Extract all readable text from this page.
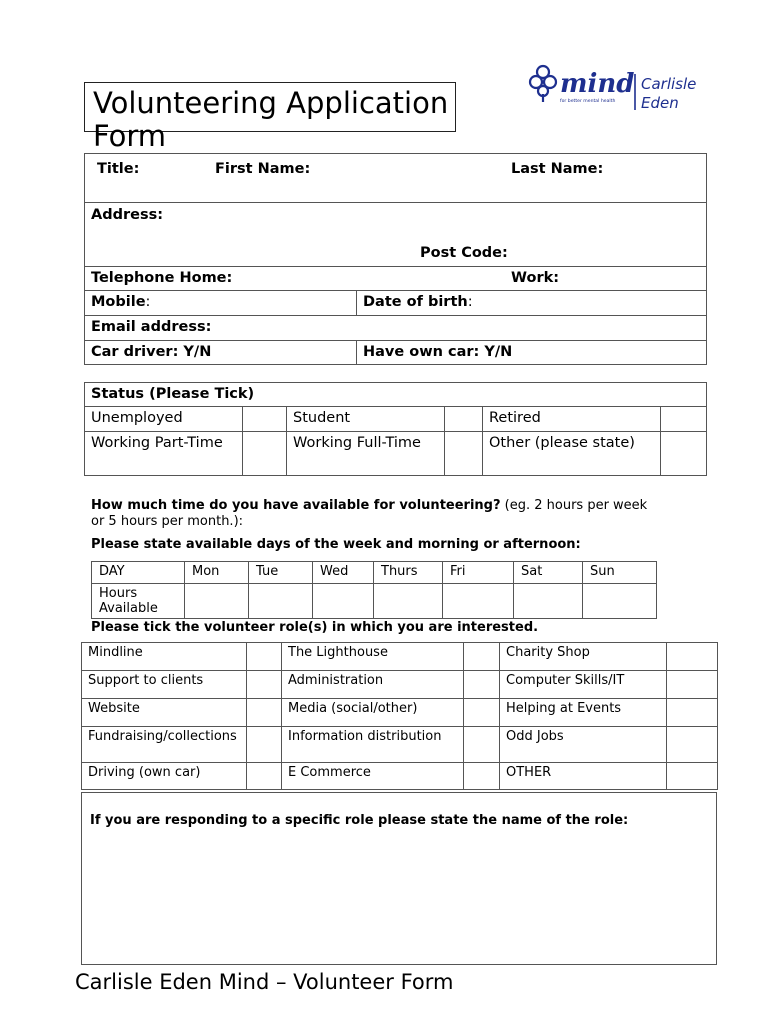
Volunteering Application Form
mind
for better mental health
Carlisle
Eden
Title: First Name: Last Name:	

Address:
Post Code:	

Telephone Home: Work:	

Mobile:	Date of birth:
Email address:	
Car driver: Y/N	Have own car: Y/N
Status (Please Tick)					
Unemployed		Student		Retired	
Working Part-Time		Working Full-Time		Other (please state)	
How much time do you have available for volunteering? (eg. 2 hours per week or 5 hours per month.):
Please state available days of the week and morning or afternoon:
DAY	Mon	Tue	Wed	Thurs	Fri	Sat	Sun
Hours Available							
Please tick the volunteer role(s) in which you are interested.
Mindline		The Lighthouse		Charity Shop	
Support to clients		Administration		Computer Skills/IT	
Website		Media (social/other)		Helping at Events	
Fundraising/collections		Information distribution		Odd Jobs	
Driving (own car)		E Commerce		OTHER	
If you are responding to a specific role please state the name of the role:
Carlisle Eden Mind – Volunteer Form
